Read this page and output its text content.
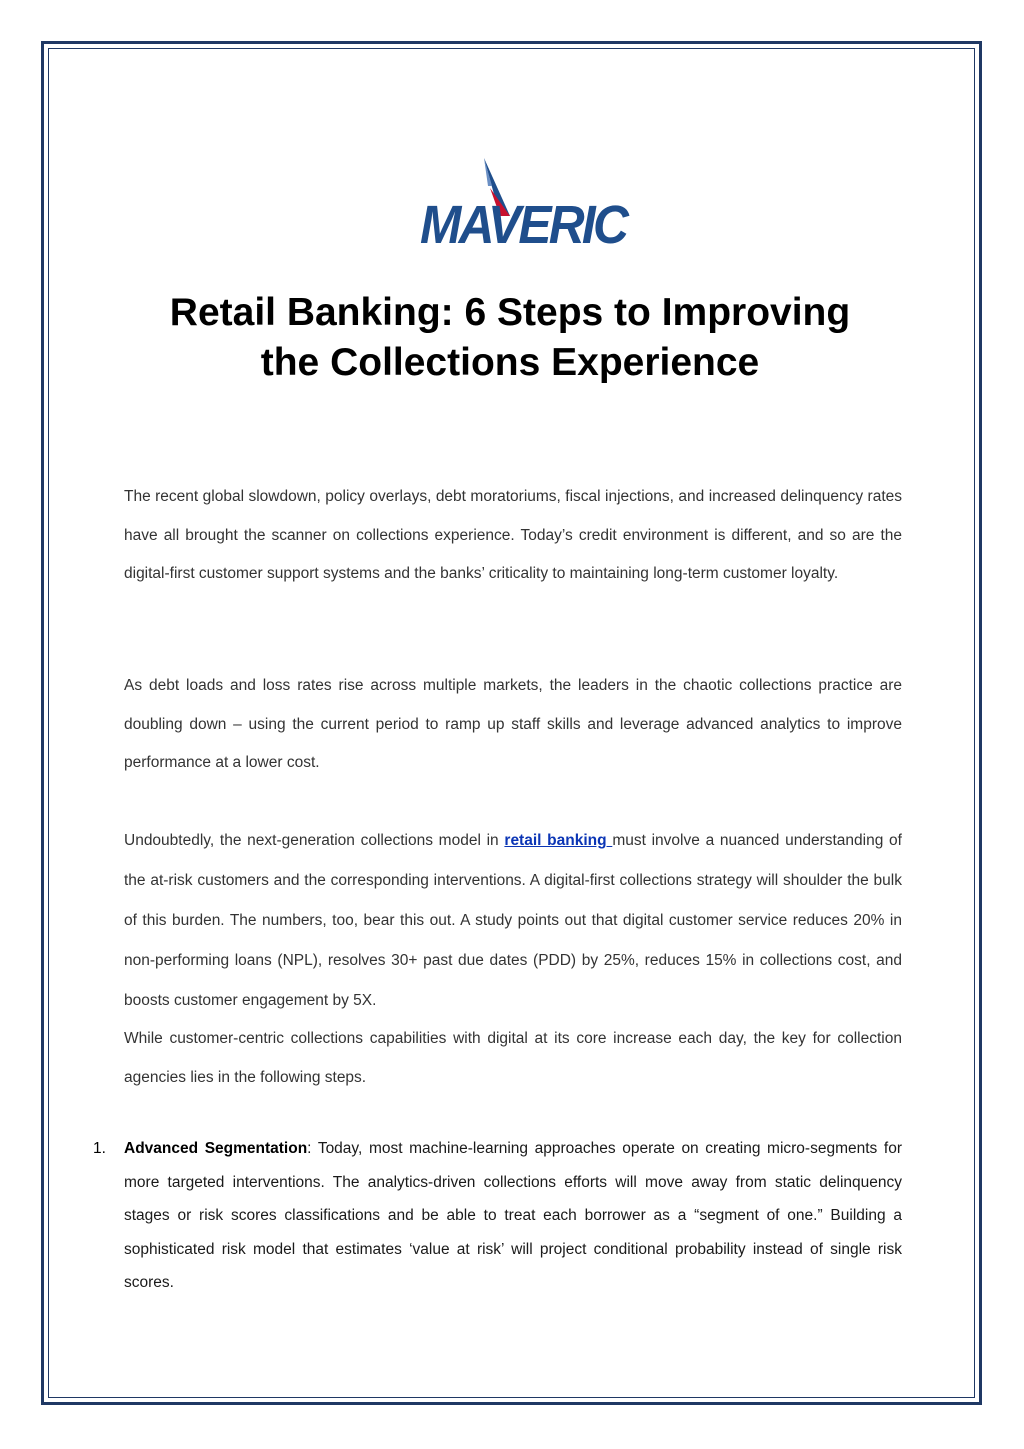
MAVERIC
Retail Banking: 6 Steps to Improving
the Collections Experience

The recent global slowdown, policy overlays, debt moratoriums, fiscal injections, and increased delinquency rates have all brought the scanner on collections experience. Today’s credit environment is different, and so are the digital-first customer support systems and the banks’ criticality to maintaining long-term customer loyalty.

As debt loads and loss rates rise across multiple markets, the leaders in the chaotic collections practice are doubling down – using the current period to ramp up staff skills and leverage advanced analytics to improve performance at a lower cost.

Undoubtedly, the next-generation collections model in retail banking must involve a nuanced understanding of the at-risk customers and the corresponding interventions. A digital-first collections strategy will shoulder the bulk of this burden. The numbers, too, bear this out. A study points out that digital customer service reduces 20% in non-performing loans (NPL), resolves 30+ past due dates (PDD) by 25%, reduces 15% in collections cost, and boosts customer engagement by 5X.

While customer-centric collections capabilities with digital at its core increase each day, the key for collection agencies lies in the following steps.

1. Advanced Segmentation: Today, most machine-learning approaches operate on creating micro-segments for more targeted interventions. The analytics-driven collections efforts will move away from static delinquency stages or risk scores classifications and be able to treat each borrower as a “segment of one.” Building a sophisticated risk model that estimates ‘value at risk’ will project conditional probability instead of single risk scores.
